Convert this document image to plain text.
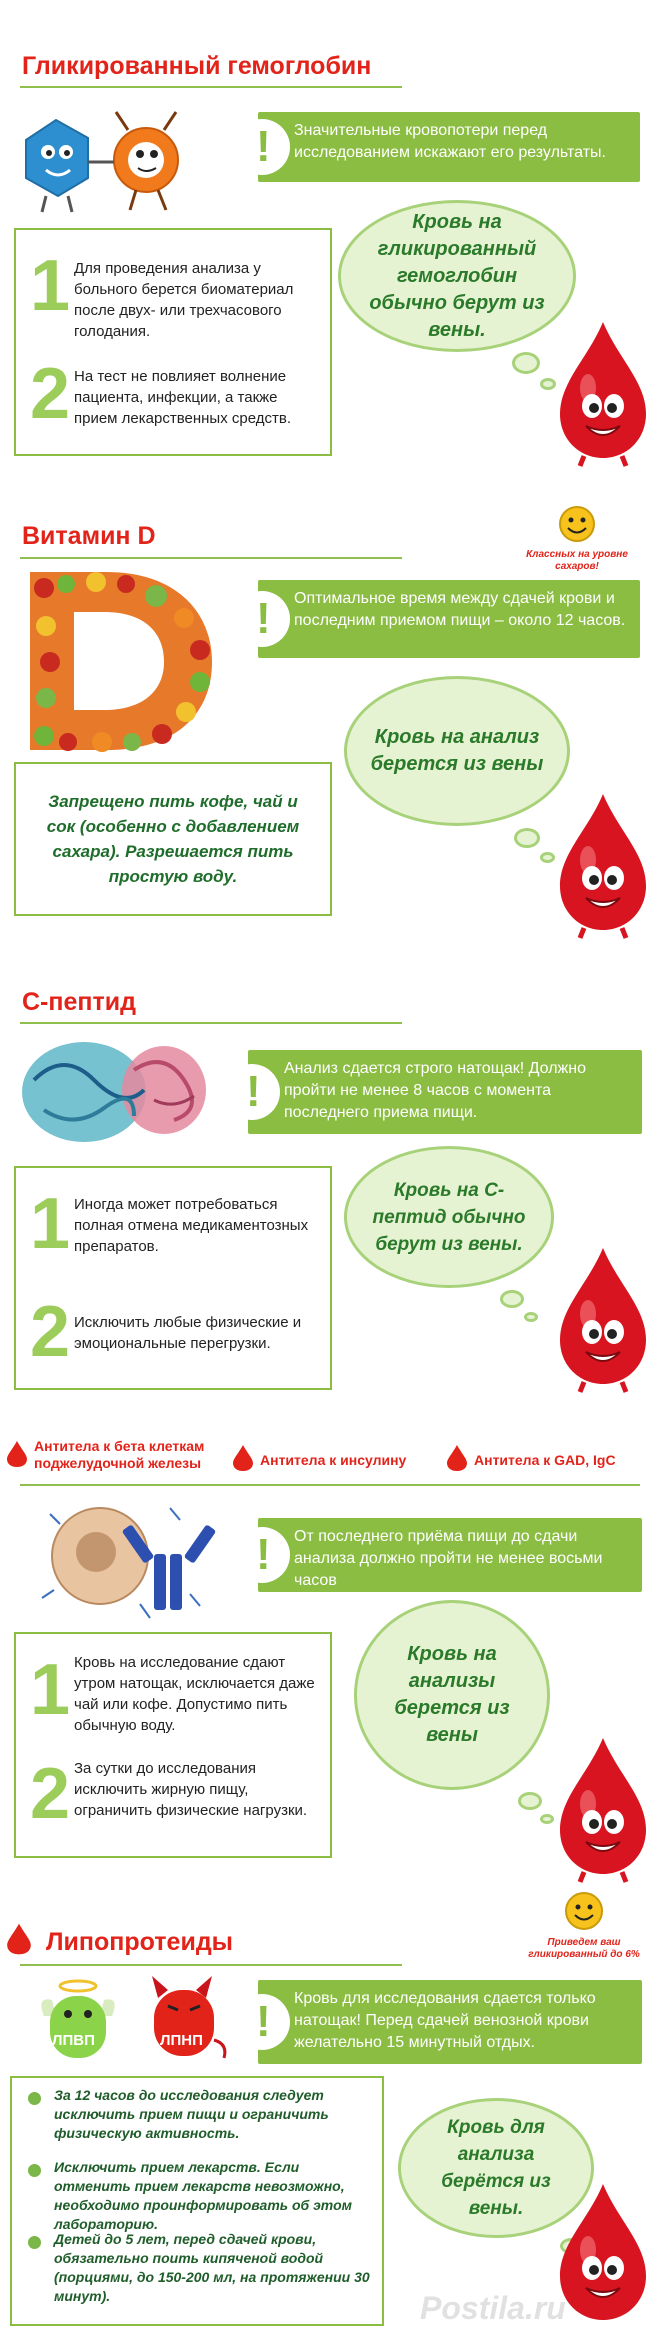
Гликированный гемоглобин
! Значительные кровопотери перед исследованием искажают его результаты.
1 Для проведения анализа у больного берется биоматериал после двух- или трехчасового голодания.
2 На тест не повлияет волнение пациента, инфекции, а также прием лекарственных средств.
Кровь на гликированный гемоглобин обычно берут из вены.
Витамин D
Классных на уровне сахаров!
! Оптимальное время между сдачей крови и последним приемом пищи – около 12 часов.
Кровь на анализ берется из вены
Запрещено пить кофе, чай и сок (особенно с добавлением сахара). Разрешается пить простую воду.
С-пептид
! Анализ сдается строго натощак! Должно пройти не менее 8 часов с момента последнего приема пищи.
1 Иногда может потребоваться полная отмена медикаментозных препаратов.
2 Исключить любые физические и эмоциональные перегрузки.
Кровь на С-пептид обычно берут из вены.
Антитела к бета клеткам поджелудочной железы	Антитела к инсулину	Антитела к GAD, IgC
! От последнего приёма пищи до сдачи анализа должно пройти не менее восьми часов
1 Кровь на исследование сдают утром натощак, исключается даже чай или кофе. Допустимо пить обычную воду.
2 За сутки до исследования исключить жирную пищу, ограничить физические нагрузки.
Кровь на анализы берется из вены
Липопротеиды	Приведем ваш гликированный до 6%
ЛПВП	ЛПНП ! Кровь для исследования сдается только натощак! Перед сдачей венозной крови желательно 15 минутный отдых.
За 12 часов до исследования следует исключить прием пищи и ограничить физическую активность.
Исключить прием лекарств. Если отменить прием лекарств невозможно, необходимо проинформировать об этом лабораторию.
Детей до 5 лет, перед сдачей крови, обязательно поить кипяченой водой (порциями, до 150-200 мл, на протяжении 30 минут).
Кровь для анализа берётся из вены.
Postila.ru
